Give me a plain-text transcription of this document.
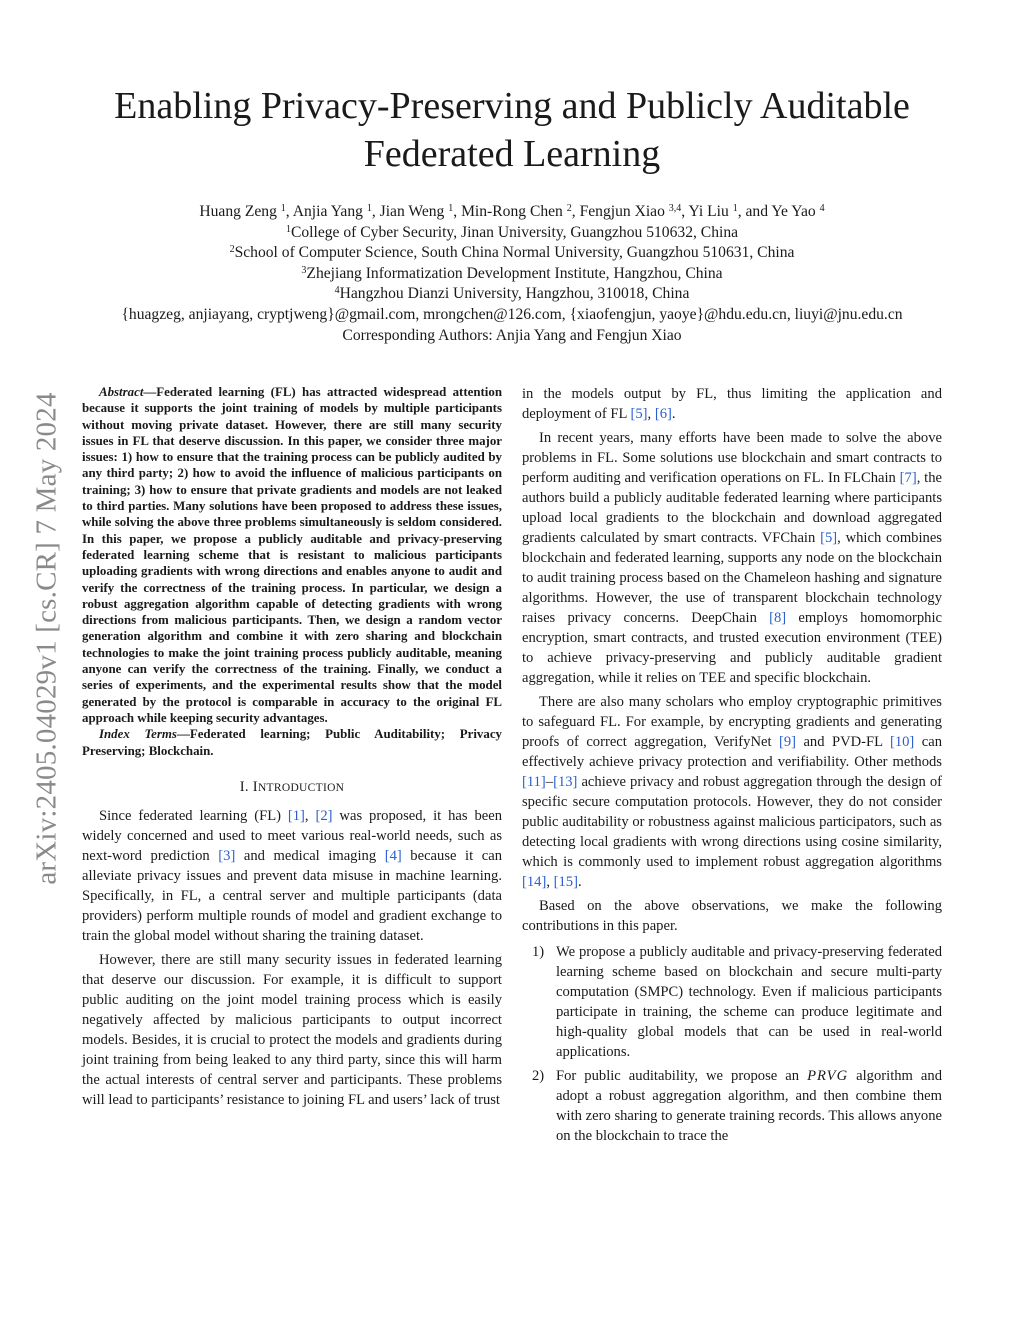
arXiv:2405.04029v1 [cs.CR] 7 May 2024
Enabling Privacy-Preserving and Publicly Auditable
Federated Learning
Huang Zeng $^1$, Anjia Yang $^1$, Jian Weng $^1$, Min-Rong Chen $^2$, Fengjun Xiao $^{3,4}$, Yi Liu $^1$, and Ye Yao $^4$
$^1$College of Cyber Security, Jinan University, Guangzhou 510632, China
$^2$School of Computer Science, South China Normal University, Guangzhou 510631, China
$^3$Zhejiang Informatization Development Institute, Hangzhou, China
$^4$Hangzhou Dianzi University, Hangzhou, 310018, China
{huagzeg, anjiayang, cryptjweng}@gmail.com, mrongchen@126.com, {xiaofengjun, yaoye}@hdu.edu.cn, liuyi@jnu.edu.cn
Corresponding Authors: Anjia Yang and Fengjun Xiao

Abstract—Federated learning (FL) has attracted widespread attention because it supports the joint training of models by multiple participants without moving private dataset. However, there are still many security issues in FL that deserve discussion. In this paper, we consider three major issues: 1) how to ensure that the training process can be publicly audited by any third party; 2) how to avoid the influence of malicious participants on training; 3) how to ensure that private gradients and models are not leaked to third parties. Many solutions have been proposed to address these issues, while solving the above three problems simultaneously is seldom considered. In this paper, we propose a publicly auditable and privacy-preserving federated learning scheme that is resistant to malicious participants uploading gradients with wrong directions and enables anyone to audit and verify the correctness of the training process. In particular, we design a robust aggregation algorithm capable of detecting gradients with wrong directions from malicious participants. Then, we design a random vector generation algorithm and combine it with zero sharing and blockchain technologies to make the joint training process publicly auditable, meaning anyone can verify the correctness of the training. Finally, we conduct a series of experiments, and the experimental results show that the model generated by the protocol is comparable in accuracy to the original FL approach while keeping security advantages.

Index Terms—Federated learning; Public Auditability; Privacy Preserving; Blockchain.

I. INTRODUCTION

Since federated learning (FL) [1], [2] was proposed, it has been widely concerned and used to meet various real-world needs, such as next-word prediction [3] and medical imaging [4] because it can alleviate privacy issues and prevent data misuse in machine learning. Specifically, in FL, a central server and multiple participants (data providers) perform multiple rounds of model and gradient exchange to train the global model without sharing the training dataset.

However, there are still many security issues in federated learning that deserve our discussion. For example, it is difficult to support public auditing on the joint model training process which is easily negatively affected by malicious participants to output incorrect models. Besides, it is crucial to protect the models and gradients during joint training from being leaked to any third party, since this will harm the actual interests of central server and participants. These problems will lead to participants’ resistance to joining FL and users’ lack of trust

in the models output by FL, thus limiting the application and deployment of FL [5], [6].

In recent years, many efforts have been made to solve the above problems in FL. Some solutions use blockchain and smart contracts to perform auditing and verification operations on FL. In FLChain [7], the authors build a publicly auditable federated learning where participants upload local gradients to the blockchain and download aggregated gradients calculated by smart contracts. VFChain [5], which combines blockchain and federated learning, supports any node on the blockchain to audit training process based on the Chameleon hashing and signature algorithms. However, the use of transparent blockchain technology raises privacy concerns. DeepChain [8] employs homomorphic encryption, smart contracts, and trusted execution environment (TEE) to achieve privacy-preserving and publicly auditable gradient aggregation, while it relies on TEE and specific blockchain.

There are also many scholars who employ cryptographic primitives to safeguard FL. For example, by encrypting gradients and generating proofs of correct aggregation, VerifyNet [9] and PVD-FL [10] can effectively achieve privacy protection and verifiability. Other methods [11]–[13] achieve privacy and robust aggregation through the design of specific secure computation protocols. However, they do not consider public auditability or robustness against malicious participators, such as detecting local gradients with wrong directions using cosine similarity, which is commonly used to implement robust aggregation algorithms [14], [15].

Based on the above observations, we make the following contributions in this paper.

1) We propose a publicly auditable and privacy-preserving federated learning scheme based on blockchain and secure multi-party computation (SMPC) technology. Even if malicious participants participate in training, the scheme can produce legitimate and high-quality global models that can be used in real-world applications.
2) For public auditability, we propose an PRVG algorithm and adopt a robust aggregation algorithm, and then combine them with zero sharing to generate training records. This allows anyone on the blockchain to trace the
